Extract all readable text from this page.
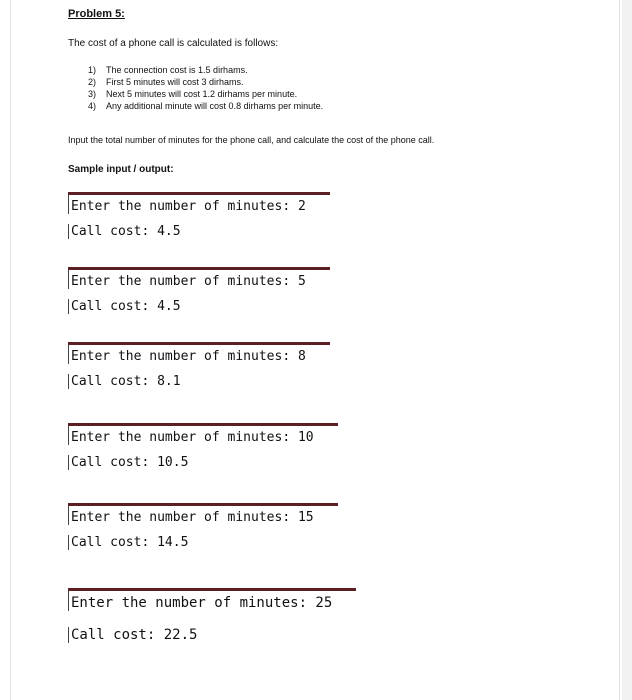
Problem 5:
The cost of a phone call is calculated is follows:
1) The connection cost is 1.5 dirhams.
2) First 5 minutes will cost 3 dirhams.
3) Next 5 minutes will cost 1.2 dirhams per minute.
4) Any additional minute will cost 0.8 dirhams per minute.
Input the total number of minutes for the phone call, and calculate the cost of the phone call.
Sample input / output:
Enter the number of minutes: 2
Call cost: 4.5
Enter the number of minutes: 5
Call cost: 4.5
Enter the number of minutes: 8
Call cost: 8.1
Enter the number of minutes: 10
Call cost: 10.5
Enter the number of minutes: 15
Call cost: 14.5
Enter the number of minutes: 25
Call cost: 22.5
